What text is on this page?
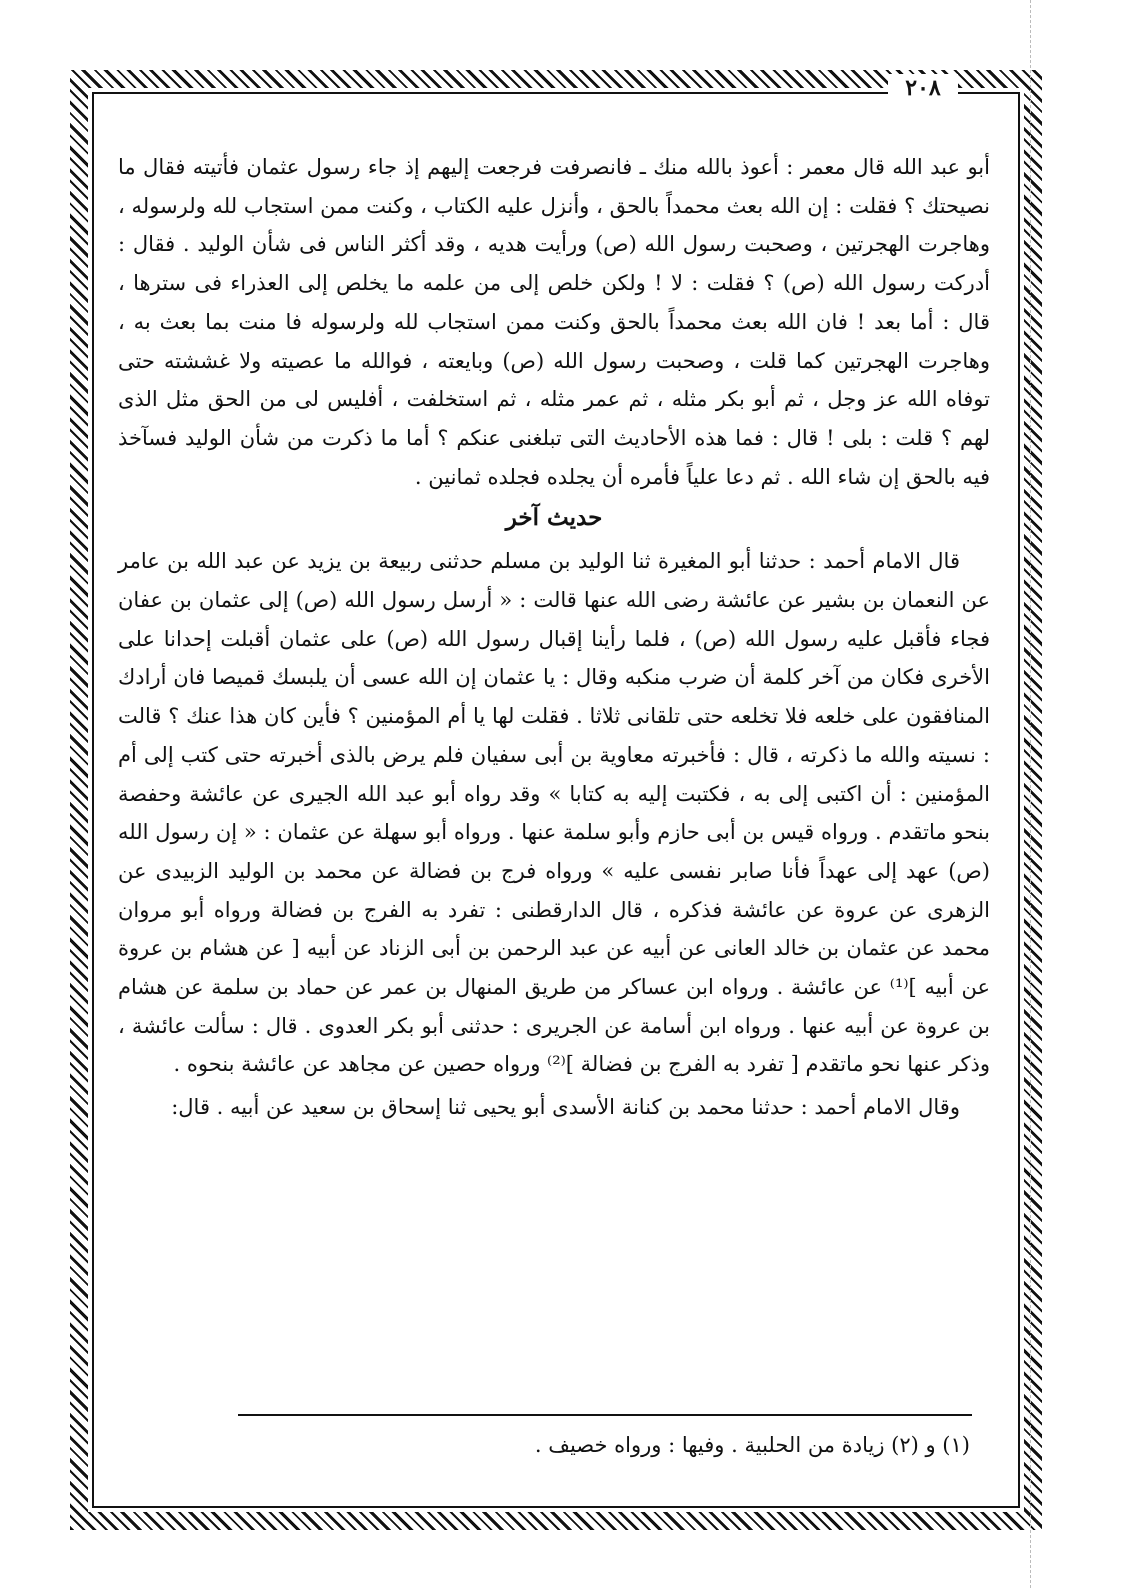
٢٠٨

أبو عبد الله قال معمر : أعوذ بالله منك ـ فانصرفت فرجعت إليهم إذ جاء رسول عثمان فأتيته فقال ما نصيحتك ؟ فقلت : إن الله بعث محمداً بالحق ، وأنزل عليه الكتاب ، وكنت ممن استجاب لله ولرسوله ، وهاجرت الهجرتين ، وصحبت رسول الله (ص) ورأيت هديه ، وقد أكثر الناس فى شأن الوليد . فقال : أدركت رسول الله (ص) ؟ فقلت : لا ! ولكن خلص إلى من علمه ما يخلص إلى العذراء فى سترها ، قال : أما بعد ! فان الله بعث محمداً بالحق وكنت ممن استجاب لله ولرسوله فا منت بما بعث به ، وهاجرت الهجرتين كما قلت ، وصحبت رسول الله (ص) وبايعته ، فوالله ما عصيته ولا غششته حتى توفاه الله عز وجل ، ثم أبو بكر مثله ، ثم عمر مثله ، ثم استخلفت ، أفليس لى من الحق مثل الذى لهم ؟ قلت : بلى ! قال : فما هذه الأحاديث التى تبلغنى عنكم ؟ أما ما ذكرت من شأن الوليد فسآخذ فيه بالحق إن شاء الله . ثم دعا علياً فأمره أن يجلده فجلده ثمانين .

حديث آخر

قال الامام أحمد : حدثنا أبو المغيرة ثنا الوليد بن مسلم حدثنى ربيعة بن يزيد عن عبد الله بن عامر عن النعمان بن بشير عن عائشة رضى الله عنها قالت : « أرسل رسول الله (ص) إلى عثمان بن عفان فجاء فأقبل عليه رسول الله (ص) ، فلما رأينا إقبال رسول الله (ص) على عثمان أقبلت إحدانا على الأخرى فكان من آخر كلمة أن ضرب منكبه وقال : يا عثمان إن الله عسى أن يلبسك قميصا فان أرادك المنافقون على خلعه فلا تخلعه حتى تلقانى ثلاثا . فقلت لها يا أم المؤمنين ؟ فأين كان هذا عنك ؟ قالت : نسيته والله ما ذكرته ، قال : فأخبرته معاوية بن أبى سفيان فلم يرض بالذى أخبرته حتى كتب إلى أم المؤمنين : أن اكتبى إلى به ، فكتبت إليه به كتابا » وقد رواه أبو عبد الله الجيرى عن عائشة وحفصة بنحو ماتقدم . ورواه قيس بن أبى حازم وأبو سلمة عنها . ورواه أبو سهلة عن عثمان : « إن رسول الله (ص) عهد إلى عهداً فأنا صابر نفسى عليه » ورواه فرج بن فضالة عن محمد بن الوليد الزبيدى عن الزهرى عن عروة عن عائشة فذكره ، قال الدارقطنى : تفرد به الفرج بن فضالة ورواه أبو مروان محمد عن عثمان بن خالد العانى عن أبيه عن عبد الرحمن بن أبى الزناد عن أبيه [ عن هشام بن عروة عن أبيه ]⁽¹⁾ عن عائشة . ورواه ابن عساكر من طريق المنهال بن عمر عن حماد بن سلمة عن هشام بن عروة عن أبيه عنها . ورواه ابن أسامة عن الجريرى : حدثنى أبو بكر العدوى . قال : سألت عائشة ، وذكر عنها نحو ماتقدم [ تفرد به الفرج بن فضالة ]⁽²⁾ ورواه حصين عن مجاهد عن عائشة بنحوه .

وقال الامام أحمد : حدثنا محمد بن كنانة الأسدى أبو يحيى ثنا إسحاق بن سعيد عن أبيه . قال:

(١) و (٢) زيادة من الحلبية . وفيها : ورواه خصيف .
